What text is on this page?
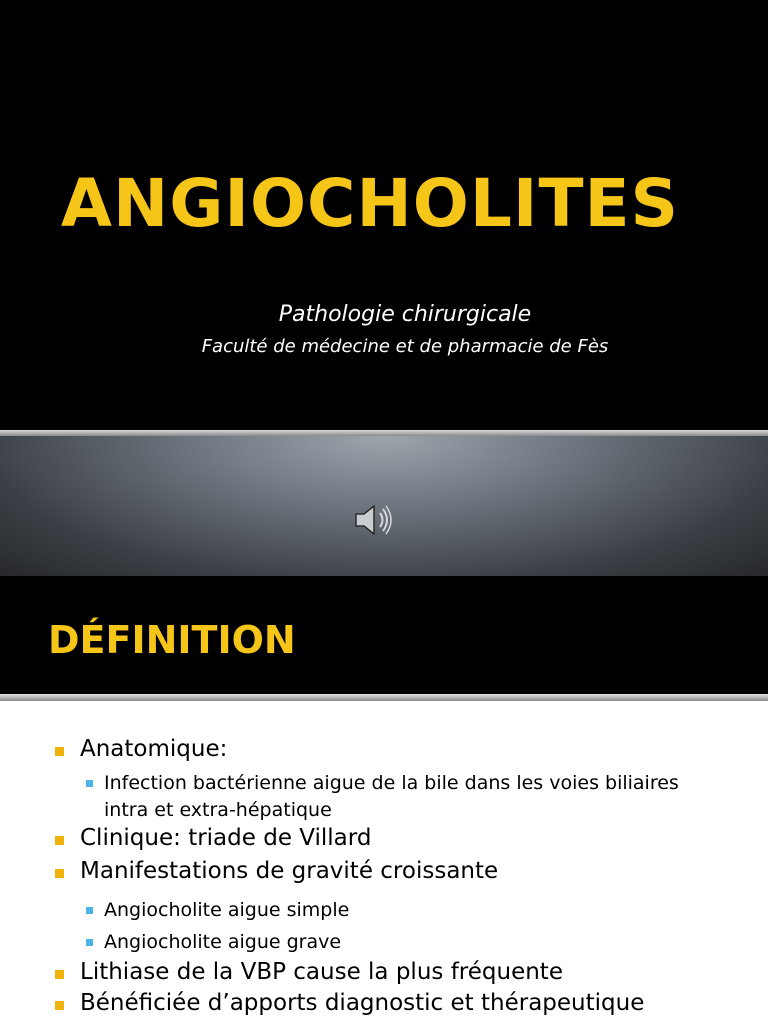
ANGIOCHOLITES
Pathologie chirurgicale
Faculté de médecine et de pharmacie de Fès
DÉFINITION
Anatomique:
Infection bactérienne aigue de la bile dans les voies biliaires intra et extra-hépatique
Clinique: triade de Villard
Manifestations de gravité croissante
Angiocholite aigue simple
Angiocholite aigue grave
Lithiase de la VBP cause la plus fréquente
Bénéficiée d’apports diagnostic et thérapeutique
